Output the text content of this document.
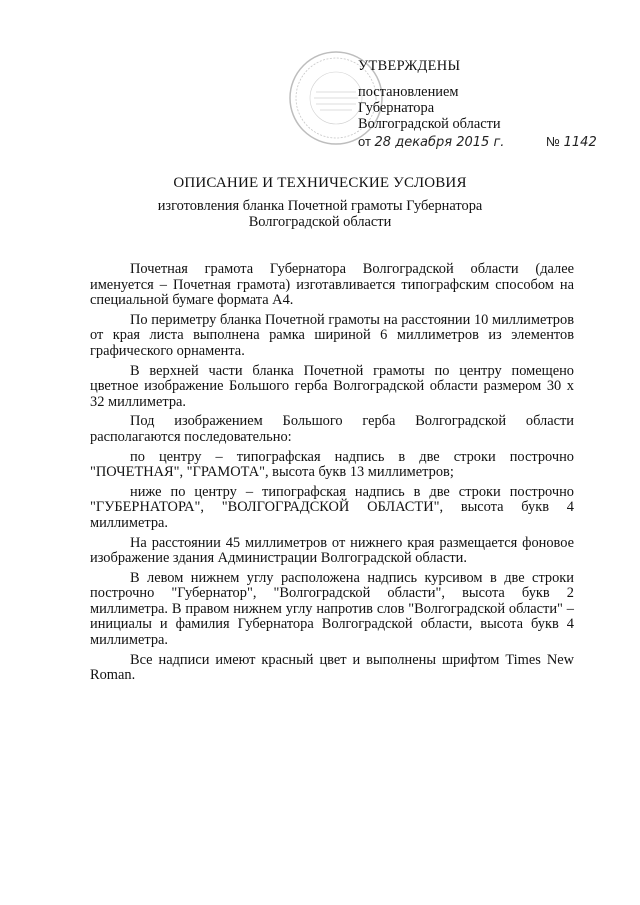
УТВЕРЖДЕНЫ
постановлением
Губернатора
Волгоградской области
от 28 декабря 2015 г.	№ 1142
ОПИСАНИЕ И ТЕХНИЧЕСКИЕ УСЛОВИЯ
изготовления бланка Почетной грамоты Губернатора
Волгоградской области

Почетная грамота Губернатора Волгоградской области (далее именуется – Почетная грамота) изготавливается типографским способом на специальной бумаге формата А4.

По периметру бланка Почетной грамоты на расстоянии 10 миллиметров от края листа выполнена рамка шириной 6 миллиметров из элементов графического орнамента.

В верхней части бланка Почетной грамоты по центру помещено цветное изображение Большого герба Волгоградской области размером 30 х 32 миллиметра.

Под изображением Большого герба Волгоградской области располагаются последовательно:

по центру – типографская надпись в две строки построчно "ПОЧЕТНАЯ", "ГРАМОТА", высота букв 13 миллиметров;

ниже по центру – типографская надпись в две строки построчно "ГУБЕРНАТОРА", "ВОЛГОГРАДСКОЙ ОБЛАСТИ", высота букв 4 миллиметра.

На расстоянии 45 миллиметров от нижнего края размещается фоновое изображение здания Администрации Волгоградской области.

В левом нижнем углу расположена надпись курсивом в две строки построчно "Губернатор", "Волгоградской области", высота букв 2 миллиметра. В правом нижнем углу напротив слов "Волгоградской области" – инициалы и фамилия Губернатора Волгоградской области, высота букв 4 миллиметра.

Все надписи имеют красный цвет и выполнены шрифтом Times New Roman.
